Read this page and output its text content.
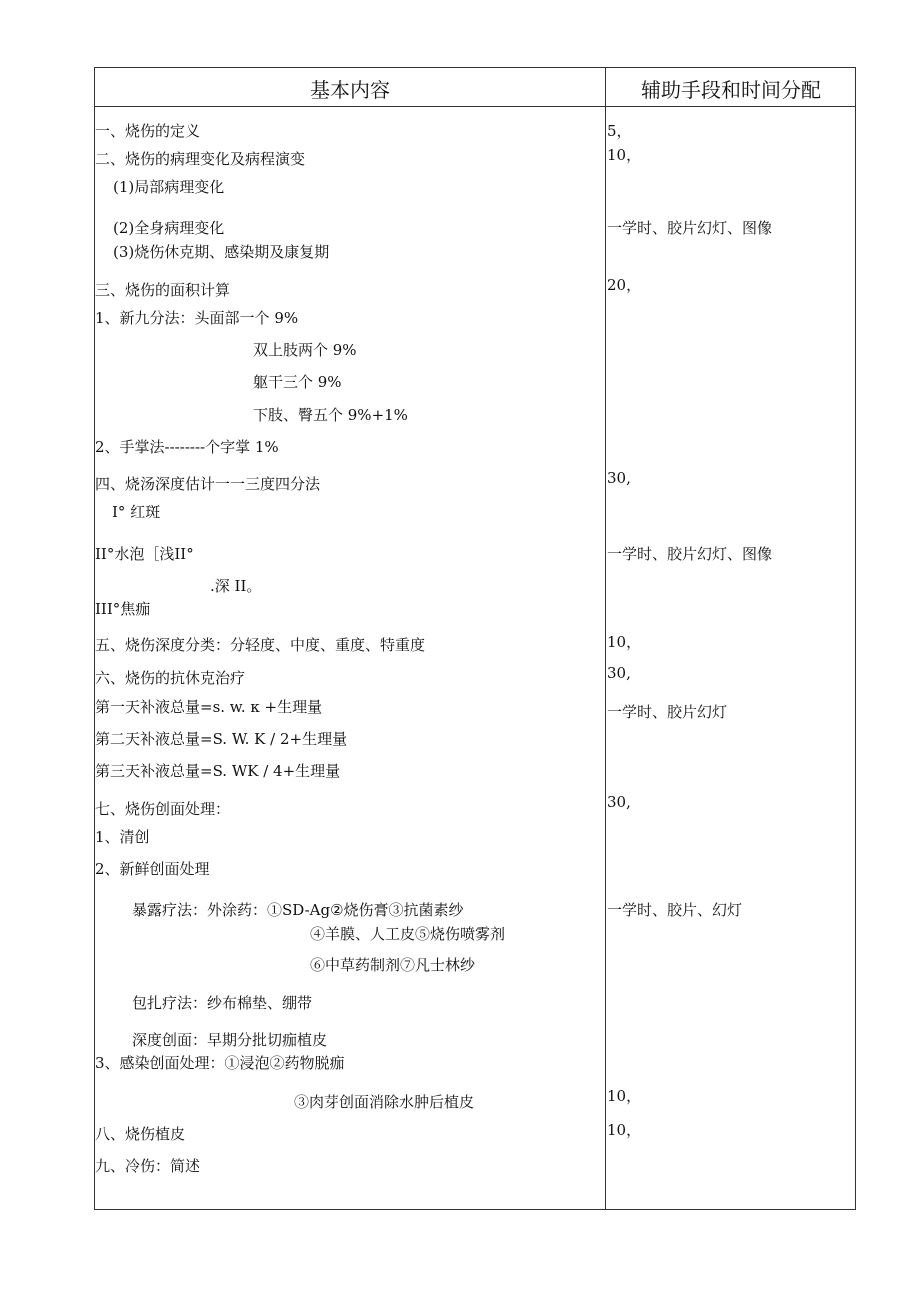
基本内容	辅助手段和时间分配
一、烧伤的定义
二、烧伤的病理变化及病程演变
(1)局部病理变化
(2)全身病理变化
(3)烧伤休克期、感染期及康复期
三、烧伤的面积计算
1、新九分法：头面部一个 9%
双上肢两个 9%
躯干三个 9%
下肢、臀五个 9%+1%
2、手掌法--------个字掌 1%
四、烧汤深度估计一一三度四分法
I° 红斑
II°水泡［浅II°
.深 II。
III°焦痂
五、烧伤深度分类：分轻度、中度、重度、特重度
六、烧伤的抗休克治疗
第一天补液总量=s. w. κ +生理量
第二天补液总量=S. W. K / 2+生理量
第三天补液总量=S. WK / 4+生理量
七、烧伤创面处理：
1、清创
2、新鲜创面处理
暴露疗法：外涂药：①SD-Ag②烧伤膏③抗菌素纱
④羊膜、人工皮⑤烧伤喷雾剂
⑥中草药制剂⑦凡士林纱
包扎疗法：纱布棉垫、绷带
深度创面：早期分批切痂植皮
3、感染创面处理：①浸泡②药物脱痂
③肉芽创面消除水肿后植皮
八、烧伤植皮
九、冷伤：简述
5，
10，
一学时、胶片幻灯、图像
20，
30,
一学时、胶片幻灯、图像
10，
30,
一学时、胶片幻灯
30,
一学时、胶片、幻灯
10，
10，
